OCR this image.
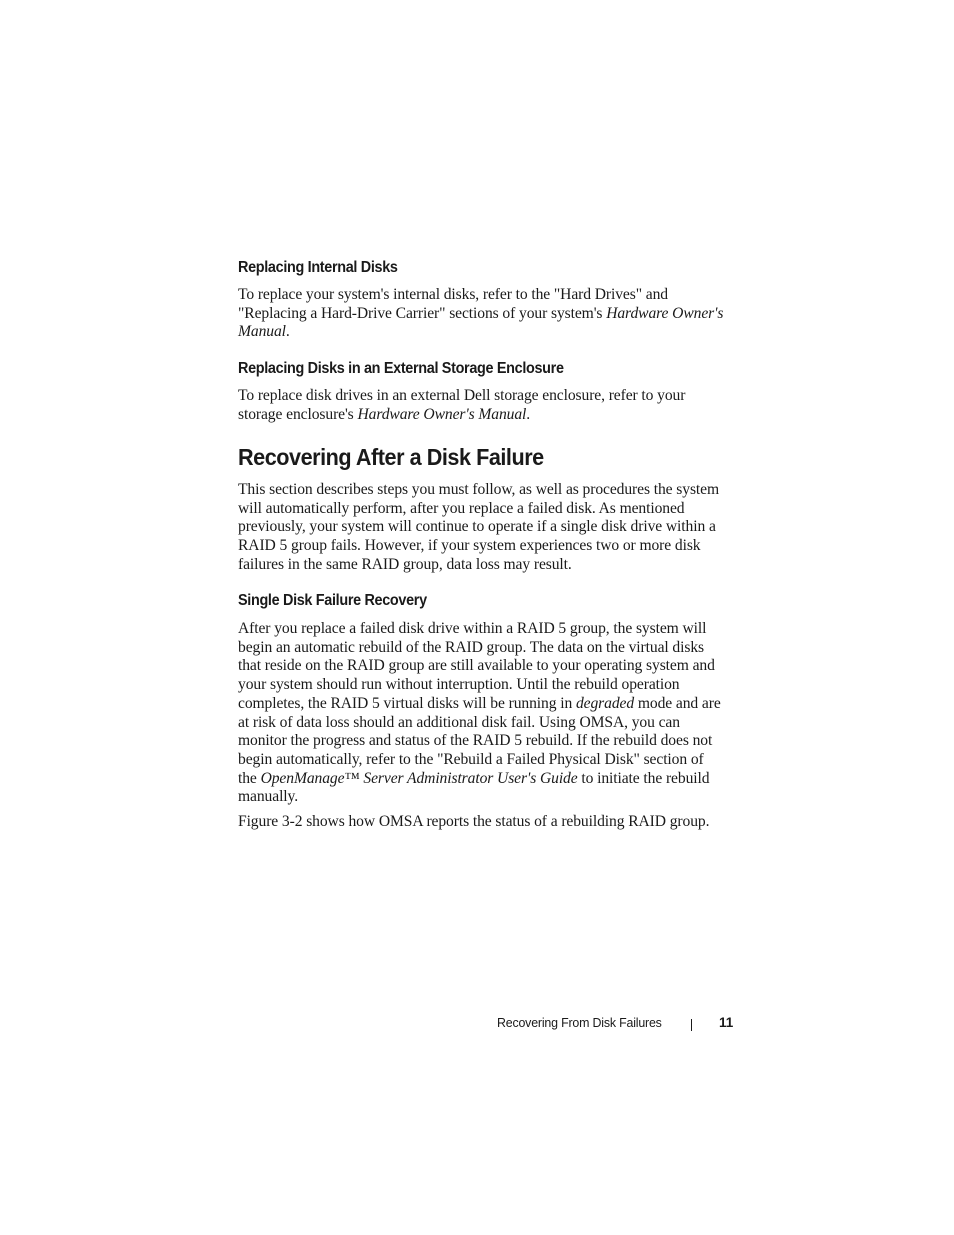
Replacing Internal Disks
To replace your system's internal disks, refer to the "Hard Drives" and
"Replacing a Hard-Drive Carrier" sections of your system's Hardware Owner's
Manual.
Replacing Disks in an External Storage Enclosure
To replace disk drives in an external Dell storage enclosure, refer to your
storage enclosure's Hardware Owner's Manual.
Recovering After a Disk Failure
This section describes steps you must follow, as well as procedures the system
will automatically perform, after you replace a failed disk. As mentioned
previously, your system will continue to operate if a single disk drive within a
RAID 5 group fails. However, if your system experiences two or more disk
failures in the same RAID group, data loss may result.
Single Disk Failure Recovery
After you replace a failed disk drive within a RAID 5 group, the system will
begin an automatic rebuild of the RAID group. The data on the virtual disks
that reside on the RAID group are still available to your operating system and
your system should run without interruption. Until the rebuild operation
completes, the RAID 5 virtual disks will be running in degraded mode and are
at risk of data loss should an additional disk fail. Using OMSA, you can
monitor the progress and status of the RAID 5 rebuild. If the rebuild does not
begin automatically, refer to the "Rebuild a Failed Physical Disk" section of
the OpenManage™ Server Administrator User's Guide to initiate the rebuild
manually.

Figure 3-2 shows how OMSA reports the status of a rebuilding RAID group.

Recovering From Disk Failures	11
